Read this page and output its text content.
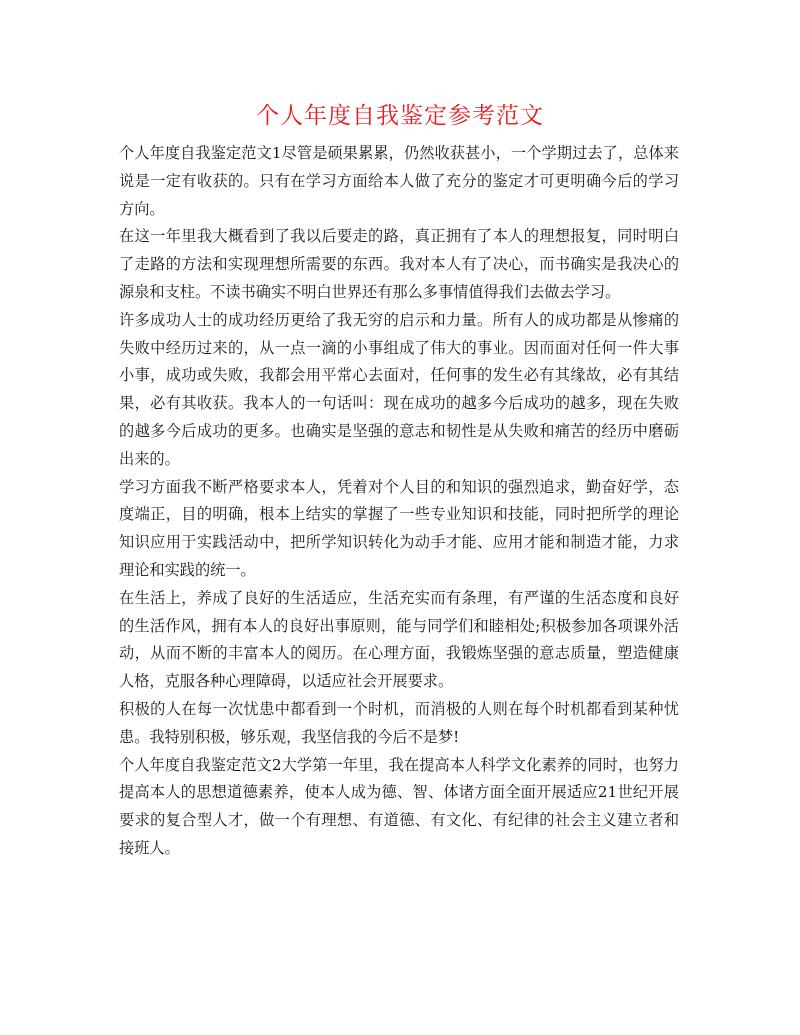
个人年度自我鉴定参考范文

个人年度自我鉴定范文1尽管是硕果累累，仍然收获甚小，一个学期过去了，总体来说是一定有收获的。只有在学习方面给本人做了充分的鉴定才可更明确今后的学习方向。

在这一年里我大概看到了我以后要走的路，真正拥有了本人的理想报复，同时明白了走路的方法和实现理想所需要的东西。我对本人有了决心，而书确实是我决心的源泉和支柱。不读书确实不明白世界还有那么多事情值得我们去做去学习。

许多成功人士的成功经历更给了我无穷的启示和力量。所有人的成功都是从惨痛的失败中经历过来的，从一点一滴的小事组成了伟大的事业。因而面对任何一件大事小事，成功或失败，我都会用平常心去面对，任何事的发生必有其缘故，必有其结果，必有其收获。我本人的一句话叫：现在成功的越多今后成功的越多，现在失败的越多今后成功的更多。也确实是坚强的意志和韧性是从失败和痛苦的经历中磨砺出来的。

学习方面我不断严格要求本人，凭着对个人目的和知识的强烈追求，勤奋好学，态度端正，目的明确，根本上结实的掌握了一些专业知识和技能，同时把所学的理论知识应用于实践活动中，把所学知识转化为动手才能、应用才能和制造才能，力求理论和实践的统一。

在生活上，养成了良好的生活适应，生活充实而有条理，有严谨的生活态度和良好的生活作风，拥有本人的良好出事原则，能与同学们和睦相处;积极参加各项课外活动，从而不断的丰富本人的阅历。在心理方面，我锻炼坚强的意志质量，塑造健康人格，克服各种心理障碍，以适应社会开展要求。

积极的人在每一次忧患中都看到一个时机，而消极的人则在每个时机都看到某种忧患。我特别积极，够乐观，我坚信我的今后不是梦!

个人年度自我鉴定范文2大学第一年里，我在提高本人科学文化素养的同时，也努力提高本人的思想道德素养，使本人成为德、智、体诸方面全面开展适应21世纪开展要求的复合型人才，做一个有理想、有道德、有文化、有纪律的社会主义建立者和接班人。
